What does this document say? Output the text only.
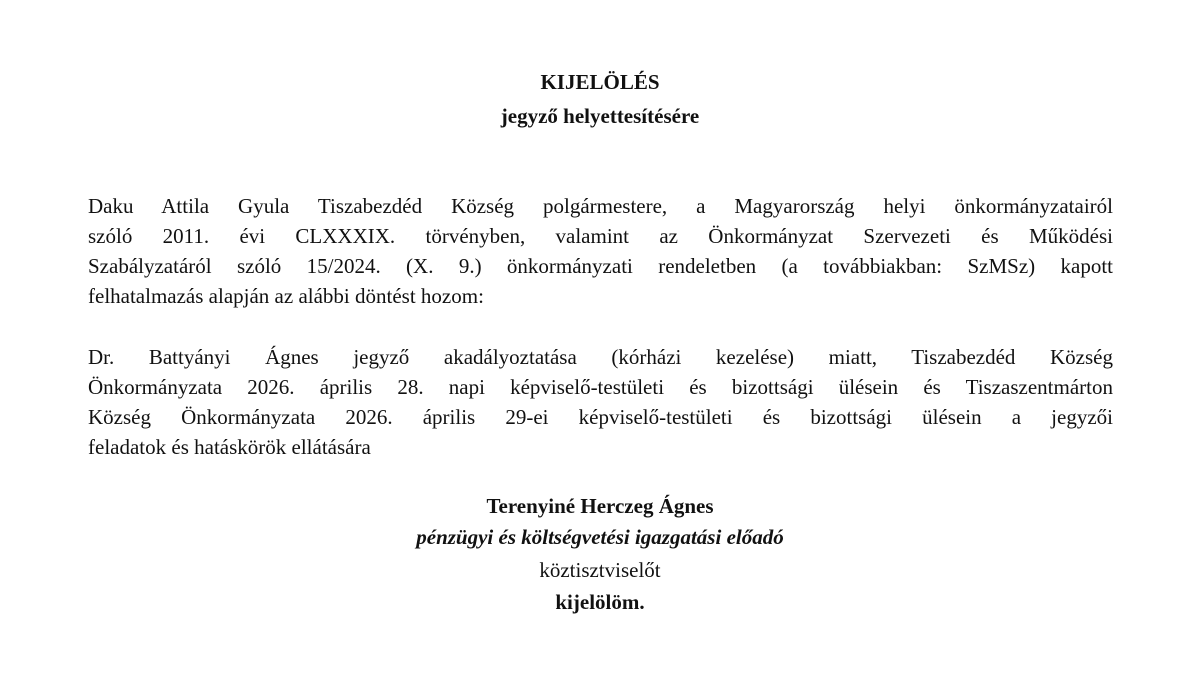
KIJELÖLÉS
jegyző helyettesítésére
Daku Attila Gyula Tiszabezdéd Község polgármestere, a Magyarország helyi önkormányzatairól
szóló 2011. évi CLXXXIX. törvényben, valamint az Önkormányzat Szervezeti és Működési
Szabályzatáról szóló 15/2024. (X. 9.) önkormányzati rendeletben (a továbbiakban: SzMSz) kapott
felhatalmazás alapján az alábbi döntést hozom:
Dr. Battyányi Ágnes jegyző akadályoztatása (kórházi kezelése) miatt, Tiszabezdéd Község
Önkormányzata 2026. április 28. napi képviselő-testületi és bizottsági ülésein és Tiszaszentmárton
Község Önkormányzata 2026. április 29-ei képviselő-testületi és bizottsági ülésein a jegyzői
feladatok és hatáskörök ellátására
Terenyiné Herczeg Ágnes
pénzügyi és költségvetési igazgatási előadó
köztisztviselőt
kijelölöm.
